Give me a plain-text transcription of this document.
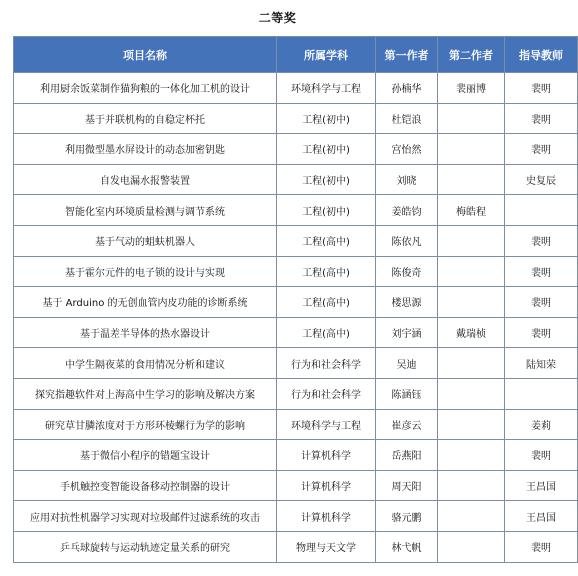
二等奖
项目名称	所属学科	第一作者	第二作者	指导教师
利用厨余饭菜制作猫狗粮的一体化加工机的设计	环境科学与工程	孙楠华	裴丽博	裴明
基于并联机构的自稳定杯托	工程(初中)	杜铠浪		裴明
利用微型墨水屏设计的动态加密钥匙	工程(初中)	宫怡然		裴明
自发电漏水报警装置	工程(初中)	刘晓		史复辰
智能化室内环境质量检测与调节系统	工程(初中)	姜皓钧	梅皓程	
基于气动的蛆蚨机器人	工程(高中)	陈依凡		裴明
基于霍尔元件的电子锁的设计与实现	工程(高中)	陈俊奇		裴明
基于 Arduino 的无创血管内皮功能的诊断系统	工程(高中)	楼思源		裴明
基于温差半导体的热水器设计	工程(高中)	刘宇涵	戴瑞桢	裴明
中学生隔夜菜的食用情况分析和建议	行为和社会科学	吴迪		陆知荣
探究指趣软件对上海高中生学习的影响及解决方案	行为和社会科学	陈涵钰		
研究草甘膦浓度对于方形环棱螺行为学的影响	环境科学与工程	崔彦云		姜莉
基于微信小程序的错题宝设计	计算机科学	岳燕阳		裴明
手机触控变智能设备移动控制器的设计	计算机科学	周天阳		王昌国
应用对抗性机器学习实现对垃圾邮件过滤系统的攻击	计算机科学	骆元鹏		王昌国
乒乓球旋转与运动轨迹定量关系的研究	物理与天文学	林弋帆		裴明
